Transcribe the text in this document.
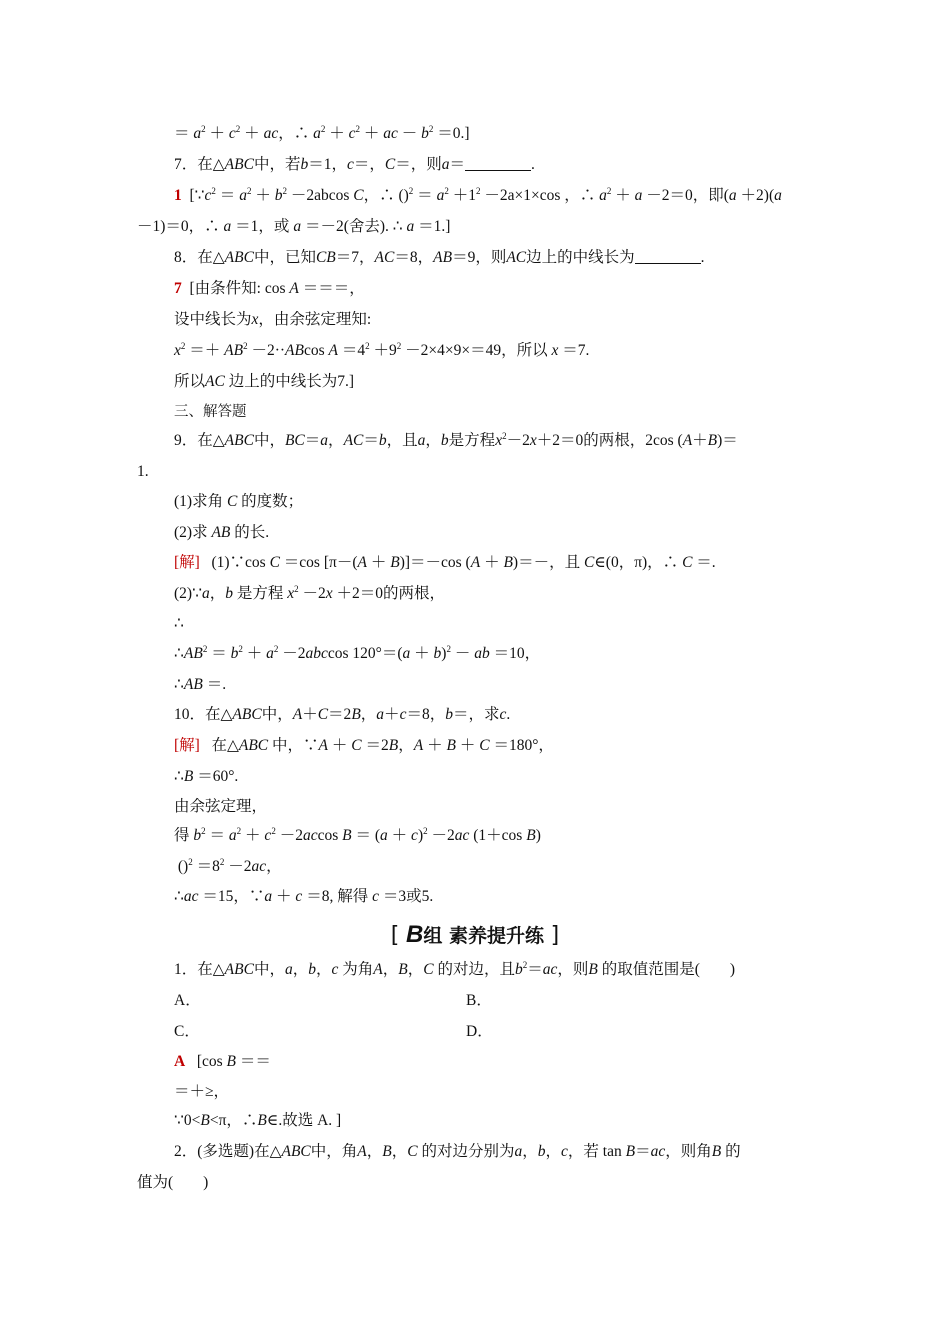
＝ $a^2 + c^2$ ＋ ac，∴ $a^2 + c^2$ ＋ ac － $b^2 =0$.]
7．在△ABC中，若b＝1，c＝，C＝，则a＝	.
1 [$\because c^2 = a^2 + b^2 -2abcos$ C，∴ $()^2 = a^2 +1^2 -2a\times 1\times\cos$ ，∴ $a^2 + a -2=0$，即(a ＋2)(a
－1)＝0，∴ a ＝1，或 a ＝－2(舍去). ∴ a ＝1.]
8．在△ABC中，已知CB＝7，AC＝8，AB＝9，则AC边上的中线长为	.
7 [由条件知: cos A ＝＝＝，
设中线长为x，由余弦定理知:
$x^2 =+ AB^2 -2\cdot\cdot ABcos$ $A =4^2 +9^2 -2\times 4\times 9\times=49$，所以 x ＝7.
所以AC 边上的中线长为7.]
三、解答题
9．在△ABC中，BC＝a，AC＝b，且a，b是方程$x^2-2x+2=0$的两根，2cos (A＋B)＝
1.
(1)求角 C 的度数；
(2)求 AB 的长.
[解] (1)∵cos C ＝cos [π－(A ＋ B)]＝－cos (A ＋ B)＝－，且 C∈(0，π)，∴ C ＝.
(2)∵a，b 是方程 $x^2 -2x +2=0$的两根，
∴
$\therefore AB^2 = b^2 + a^2 -2abccos$ $120^\circ=(a + b)^2$ － ab ＝10，
∴AB ＝.
10．在△ABC中，A＋C＝2B，a＋c＝8，b＝，求c.
[解] 在△ABC 中，∵A ＋ C ＝2B，A ＋ B ＋ C ＝180°，
∴B ＝60°.
由余弦定理，
得 $b^2 = a^2 + c^2 -2accos$ $B = (a + c)^2 -2ac$ (1＋cos B)
$()^2 =8^2 -2ac$，
∴ac ＝15，∵a ＋ c ＝8, 解得 c ＝3或5.
[ B组 素养提升练 ]
1．在△ABC中，a，b，c 为角A，B，C 的对边，且$b^2=ac$，则B 的取值范围是( )
A．	B．
C．	D．
A [cos B ＝＝
＝＋≥，
∵0<B<π，∴B∈.故选 A. ]
2．(多选题)在△ABC中，角A，B，C 的对边分别为a，b，c，若 tan B＝ac，则角B 的
值为( )
